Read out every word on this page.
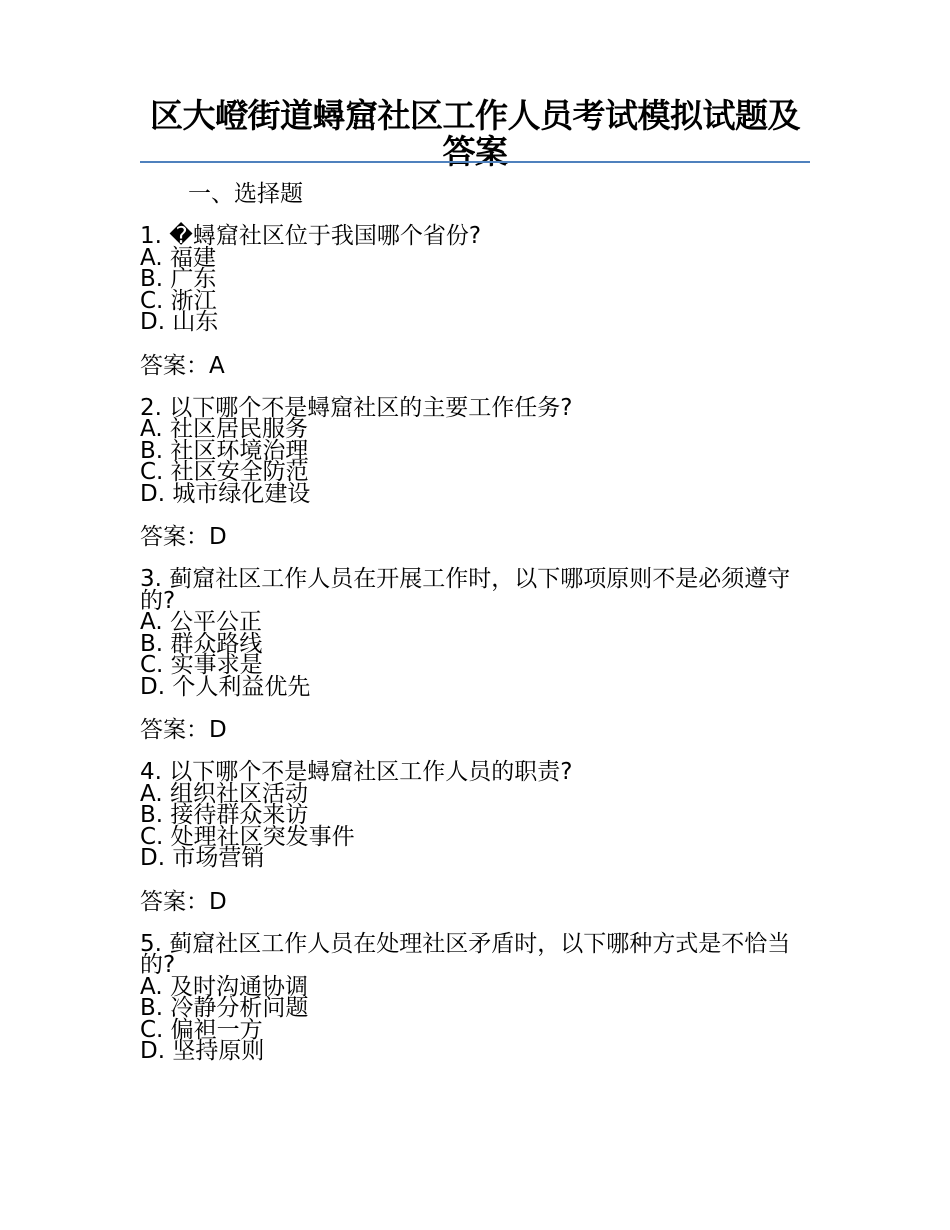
区大嶝街道蟳窟社区工作人员考试模拟试题及答案
一、选择题
1. �蟳窟社区位于我国哪个省份?
A. 福建
B. 广东
C. 浙江
D. 山东
答案：A
2. 以下哪个不是蟳窟社区的主要工作任务?
A. 社区居民服务
B. 社区环境治理
C. 社区安全防范
D. 城市绿化建设
答案：D
3. 蓟窟社区工作人员在开展工作时，以下哪项原则不是必须遵守的?
A. 公平公正
B. 群众路线
C. 实事求是
D. 个人利益优先
答案：D
4. 以下哪个不是蟳窟社区工作人员的职责?
A. 组织社区活动
B. 接待群众来访
C. 处理社区突发事件
D. 市场营销
答案：D
5. 蓟窟社区工作人员在处理社区矛盾时，以下哪种方式是不恰当的?
A. 及时沟通协调
B. 冷静分析问题
C. 偏袒一方
D. 坚持原则
